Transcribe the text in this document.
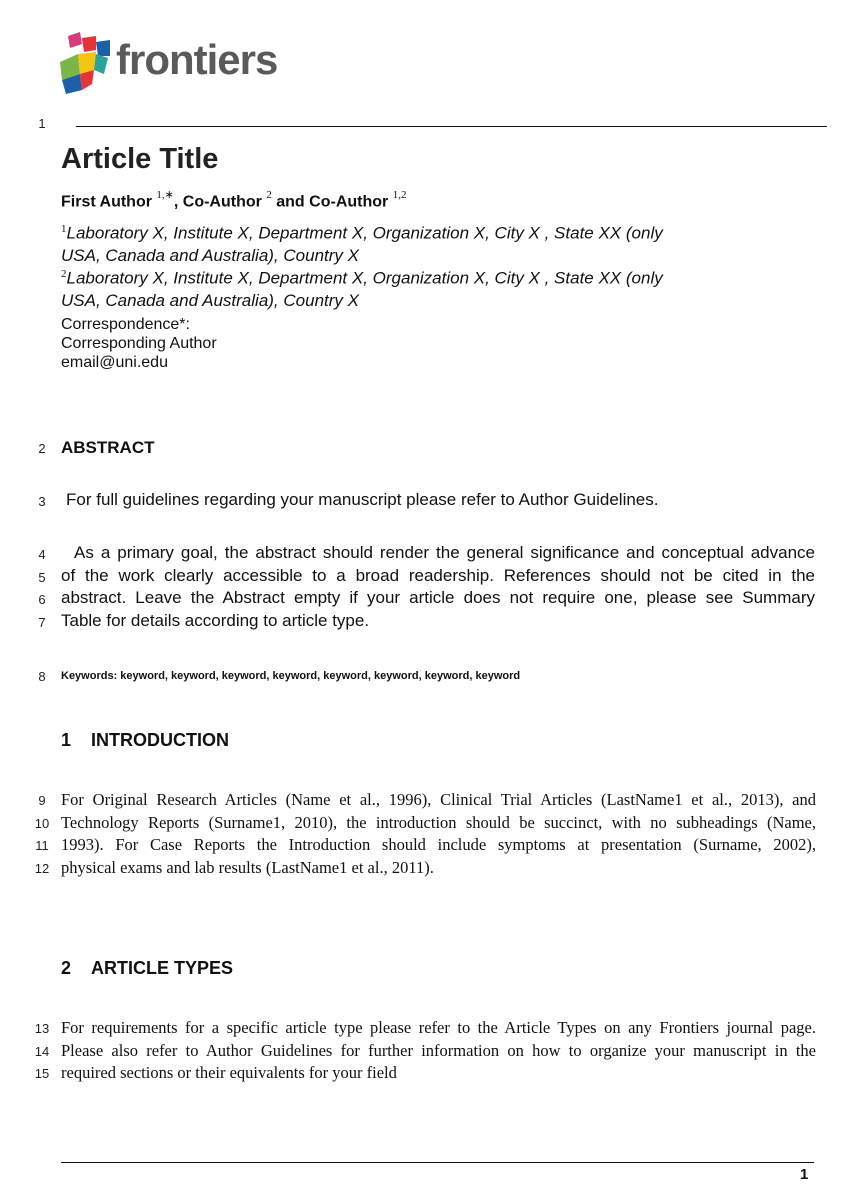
frontiers
1
Article Title
First Author $^{1,∗}$, Co-Author $^2$ and Co-Author $^{1,2}$
$^1$Laboratory X, Institute X, Department X, Organization X, City X , State XX (only
USA, Canada and Australia), Country X
$^2$Laboratory X, Institute X, Department X, Organization X, City X , State XX (only
USA, Canada and Australia), Country X
Correspondence*:
Corresponding Author
email@uni.edu
2 ABSTRACT
3	For full guidelines regarding your manuscript please refer to Author Guidelines.
4
5
6
7
As a primary goal, the abstract should render the general significance and conceptual advance
of the work clearly accessible to a broad readership. References should not be cited in the
abstract. Leave the Abstract empty if your article does not require one, please see Summary
Table for details according to article type.
8	Keywords: keyword, keyword, keyword, keyword, keyword, keyword, keyword, keyword
1 INTRODUCTION
9
10
11
12
For Original Research Articles (Name et al., 1996), Clinical Trial Articles (LastName1 et al., 2013), and
Technology Reports (Surname1, 2010), the introduction should be succinct, with no subheadings (Name,
1993). For Case Reports the Introduction should include symptoms at presentation (Surname, 2002),
physical exams and lab results (LastName1 et al., 2011).
2 ARTICLE TYPES
13
14
15
For requirements for a specific article type please refer to the Article Types on any Frontiers journal page.
Please also refer to Author Guidelines for further information on how to organize your manuscript in the
required sections or their equivalents for your field
1
